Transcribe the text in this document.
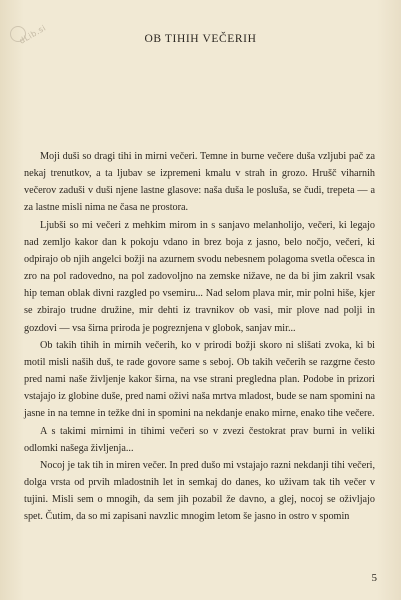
dLib.si	OB TIHIH VEČERIH

Moji duši so dragi tihi in mirni večeri. Temne in burne večere duša vzljubi pač za nekaj trenutkov, a ta ljubav se izpremeni kmalu v strah in grozo. Hrušč viharnih večerov zaduši v duši njene lastne glasove: naša duša le posluša, se čudi, trepeta — a za lastne misli nima ne časa ne prostora.

Ljubši so mi večeri z mehkim mirom in s sanjavo melanholijo, večeri, ki legajo nad zemljo kakor dan k pokoju vdano in brez boja z jasno, belo nočjo, večeri, ki odpirajo ob njih angelci božji na azurnem svodu nebesnem polagoma svetla očesca in zro na pol radovedno, na pol zadovoljno na zemske nižave, ne da bi jim zakril vsak hip teman oblak divni razgled po vsemiru... Nad selom plava mir, mir polni hiše, kjer se zbirajo trudne družine, mir dehti iz travnikov ob vasi, mir plove nad polji in gozdovi — vsa širna priroda je pogreznjena v globok, sanjav mir...

Ob takih tihih in mirnih večerih, ko v prirodi božji skoro ni slišati zvoka, ki bi motil misli naših duš, te rade govore same s seboj. Ob takih večerih se razgrne često pred nami naše življenje kakor širna, na vse strani pregledna plan. Podobe in prizori vstajajo iz globine duše, pred nami oživi naša mrtva mladost, bude se nam spomini na jasne in na temne in težke dni in spomini na nekdanje enako mirne, enako tihe večere.

A s takimi mirnimi in tihimi večeri so v zvezi čestokrat prav burni in veliki odlomki našega življenja...

Nocoj je tak tih in miren večer. In pred dušo mi vstajajo razni nekdanji tihi večeri, dolga vrsta od prvih mladostnih let in semkaj do danes, ko uživam tak tih večer v tujini. Misli sem o mnogih, da sem jih pozabil že davno, a glej, nocoj se oživljajo spet. Čutim, da so mi zapisani navzlic mnogim letom še jasno in ostro v spomin

5
